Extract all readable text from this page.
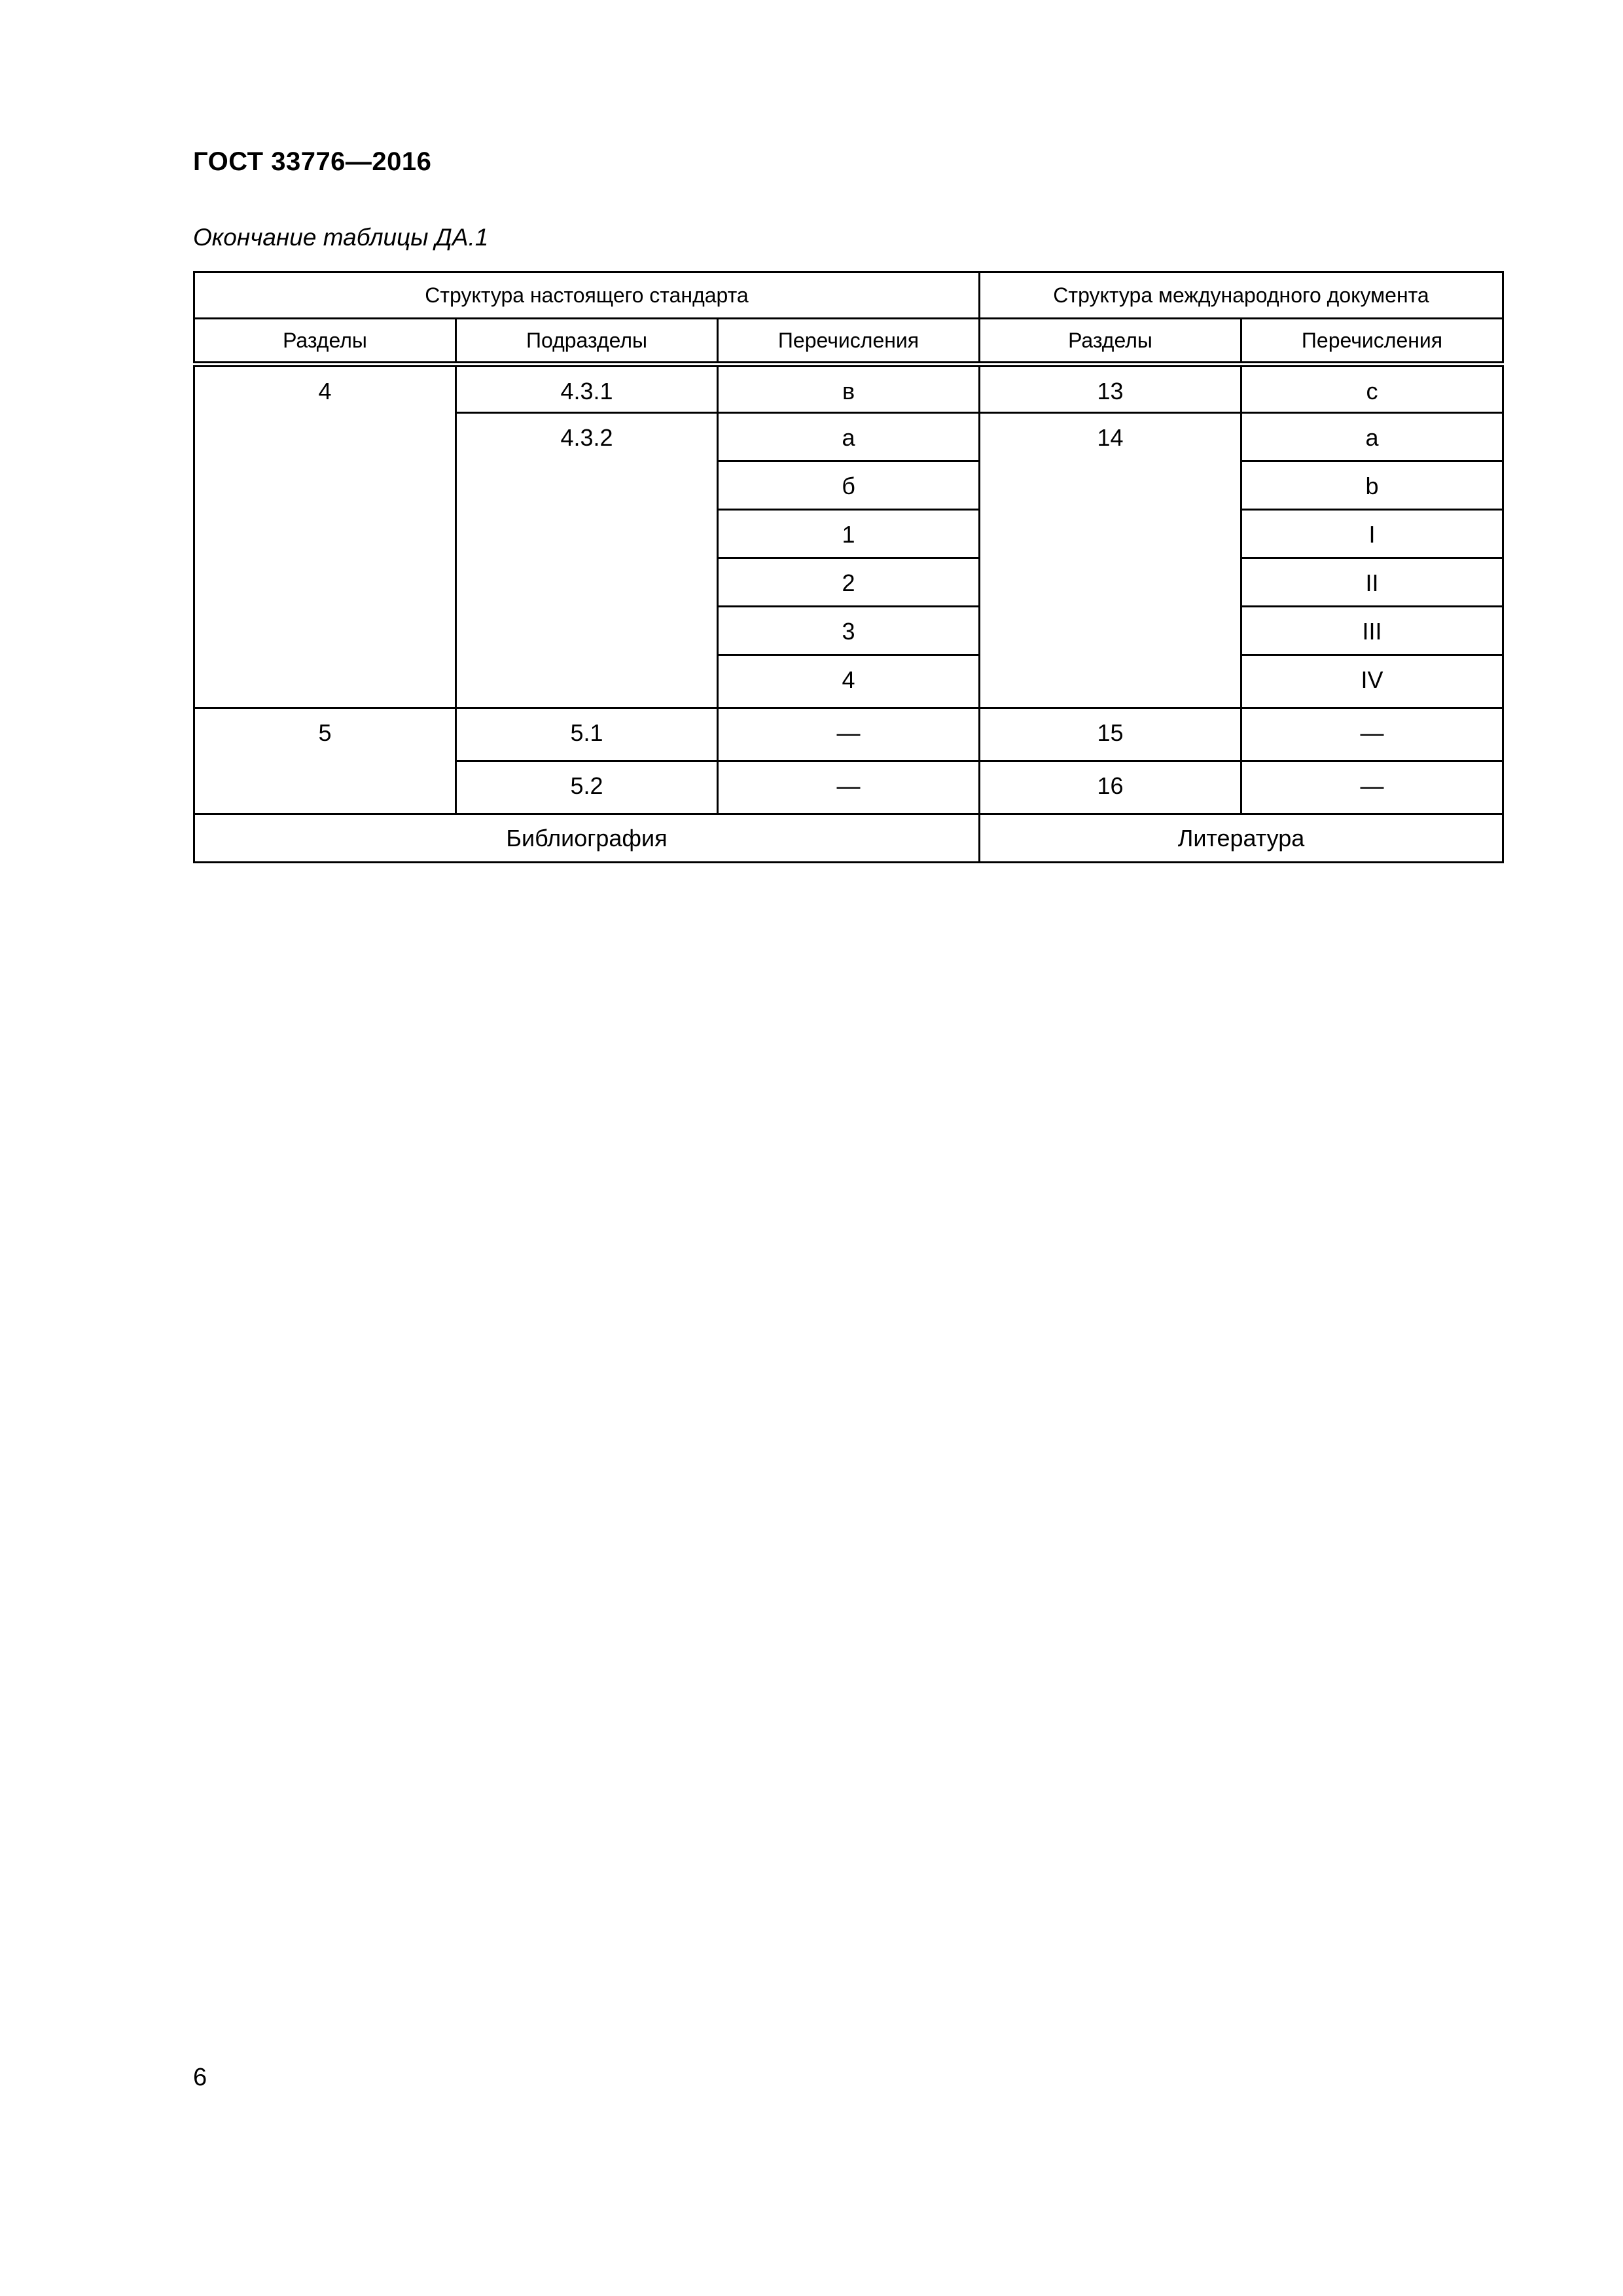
ГОСТ 33776—2016
Окончание таблицы ДА.1
Структура настоящего стандарта			Структура международного документа	
Разделы	Подразделы	Перечисления	Разделы	Перечисления
4	4.3.1	в	13	c
	4.3.2	а	14	a
		б		b
		1		I
		2		II
		3		III
		4		IV
5	5.1	—	15	—
	5.2	—	16	—
Библиография			Литература	
6
